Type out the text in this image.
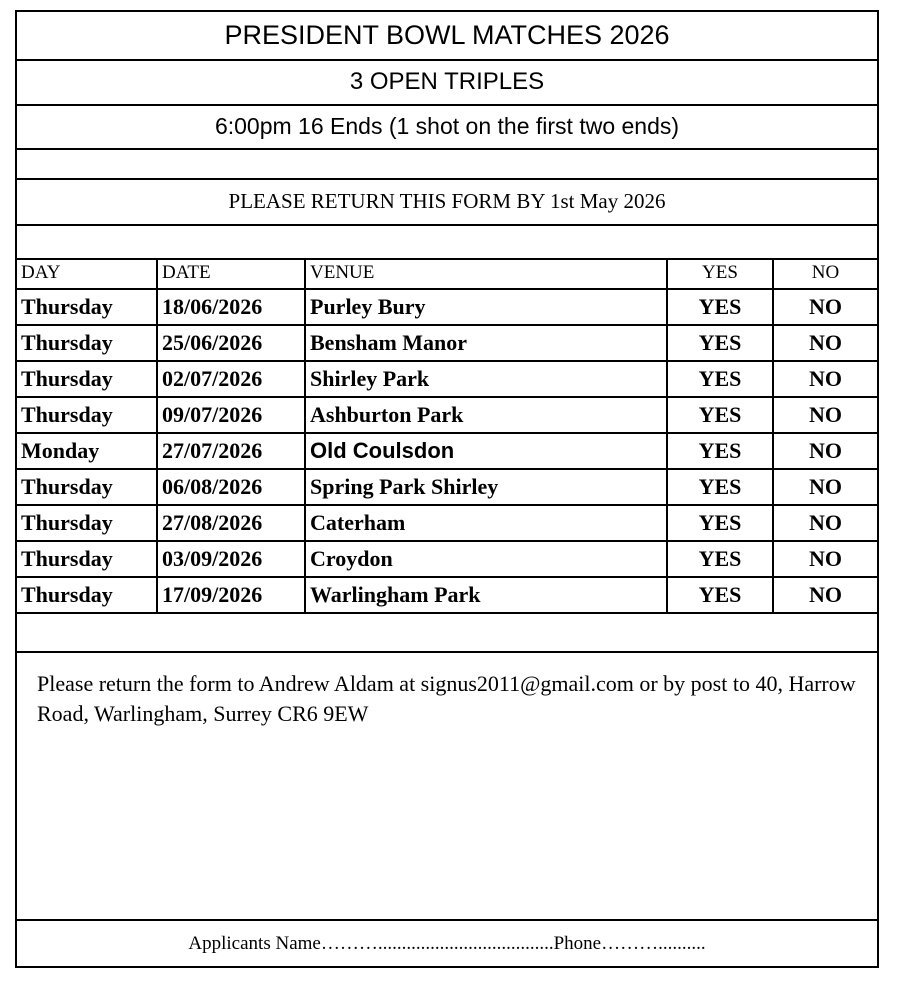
PRESIDENT BOWL MATCHES 2026
3 OPEN TRIPLES
6:00pm 16 Ends (1 shot on the first two ends)
PLEASE RETURN THIS FORM BY 1st May 2026
DAY	DATE	VENUE	YES	NO
Thursday	18/06/2026	Purley Bury	YES	NO
Thursday	25/06/2026	Bensham Manor	YES	NO
Thursday	02/07/2026	Shirley Park	YES	NO
Thursday	09/07/2026	Ashburton Park	YES	NO
Monday	27/07/2026	Old Coulsdon	YES	NO
Thursday	06/08/2026	Spring Park Shirley	YES	NO
Thursday	27/08/2026	Caterham	YES	NO
Thursday	03/09/2026	Croydon	YES	NO
Thursday	17/09/2026	Warlingham Park	YES	NO
Please return the form to Andrew Aldam at signus2011@gmail.com or by post to 40, Harrow Road, Warlingham, Surrey CR6 9EW
Applicants Name……….....................................Phone………..........
